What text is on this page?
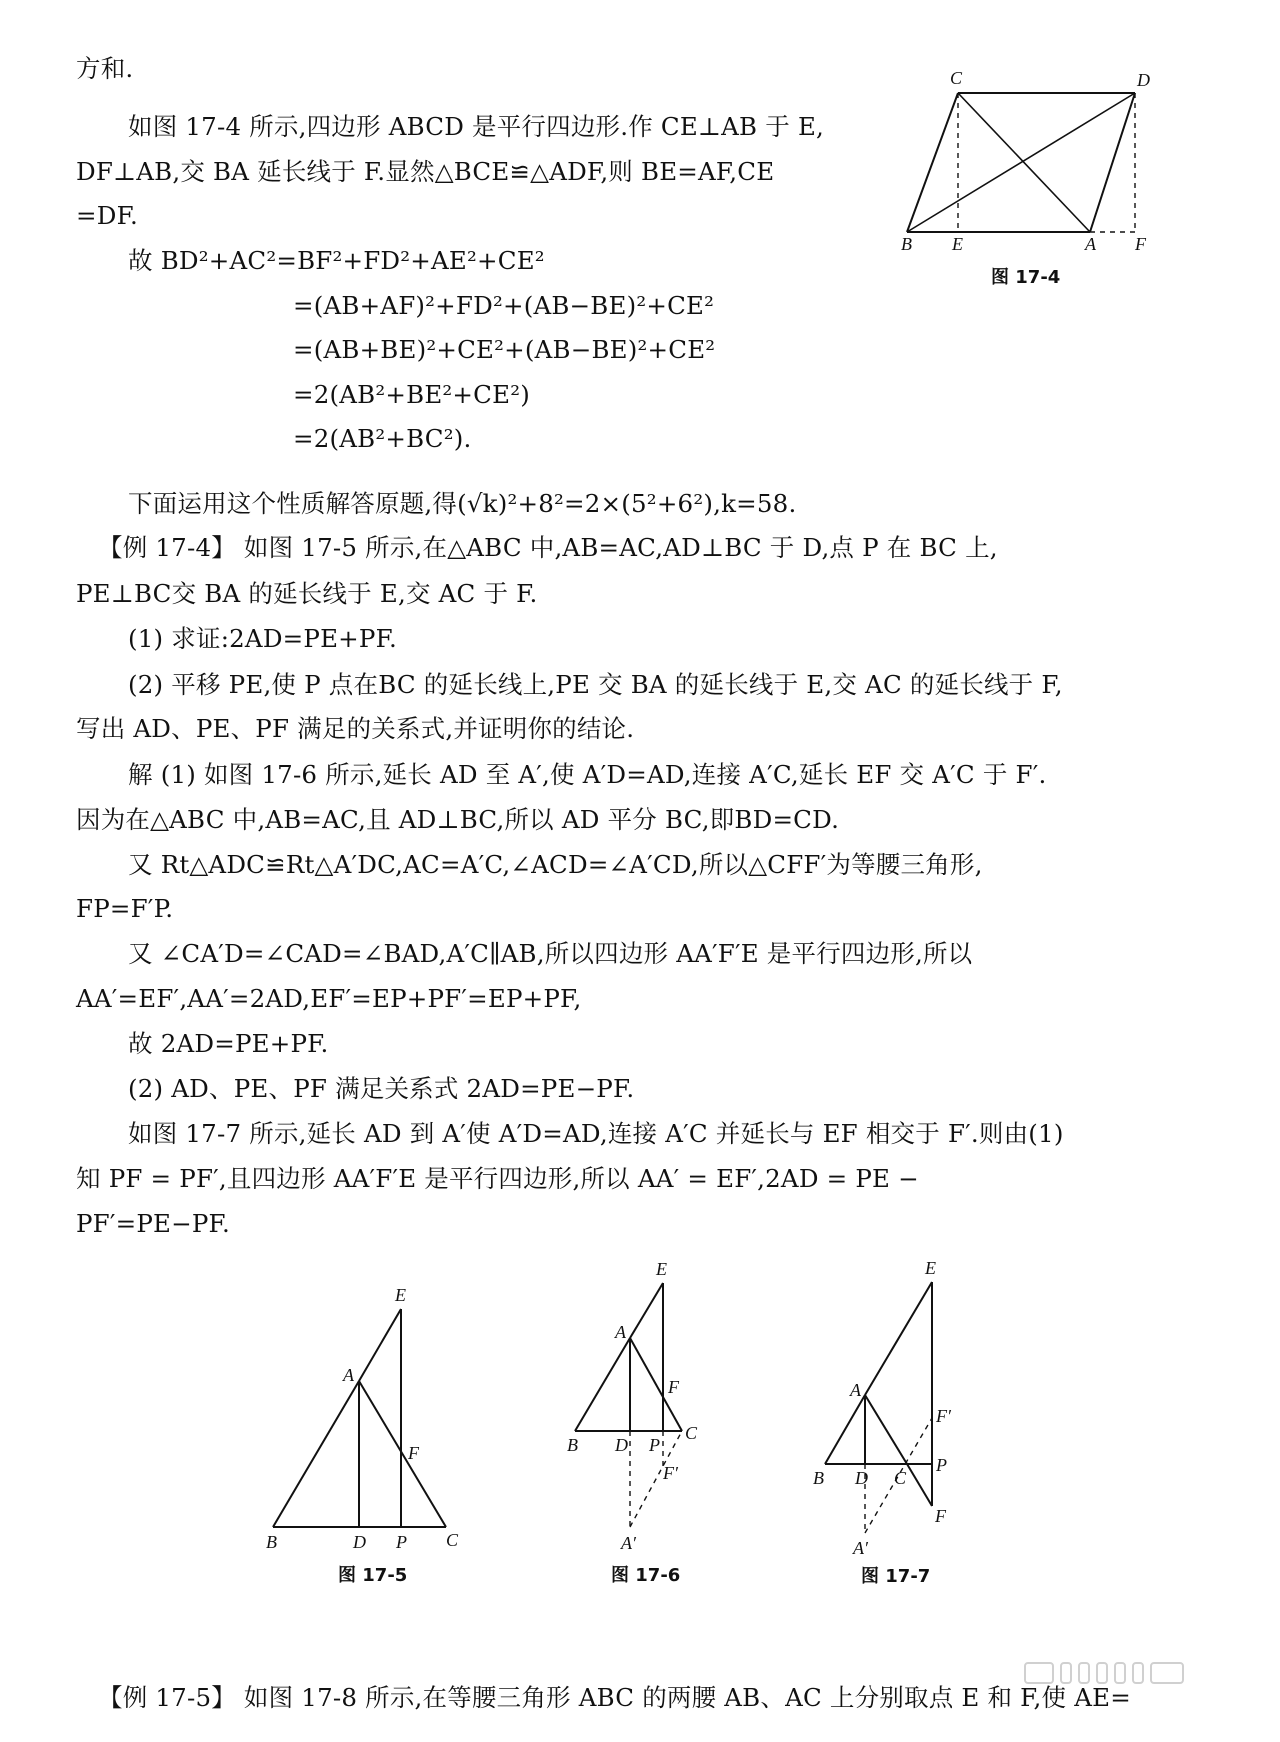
方和.
如图 17-4 所示,四边形 ABCD 是平行四边形.作 CE⊥AB 于 E,
DF⊥AB,交 BA 延长线于 F.显然△BCE≌△ADF,则 BE=AF,CE
=DF.
故 BD²+AC²=BF²+FD²+AE²+CE²
=(AB+AF)²+FD²+(AB−BE)²+CE²
=(AB+BE)²+CE²+(AB−BE)²+CE²
=2(AB²+BE²+CE²)
=2(AB²+BC²).
下面运用这个性质解答原题,得(√k)²+8²=2×(5²+6²),k=58.
【例 17-4】 如图 17-5 所示,在△ABC 中,AB=AC,AD⊥BC 于 D,点 P 在 BC 上,
PE⊥BC交 BA 的延长线于 E,交 AC 于 F.
(1) 求证:2AD=PE+PF.
(2) 平移 PE,使 P 点在BC 的延长线上,PE 交 BA 的延长线于 E,交 AC 的延长线于 F,
写出 AD、PE、PF 满足的关系式,并证明你的结论.
解 (1) 如图 17-6 所示,延长 AD 至 A′,使 A′D=AD,连接 A′C,延长 EF 交 A′C 于 F′.
因为在△ABC 中,AB=AC,且 AD⊥BC,所以 AD 平分 BC,即BD=CD.
又 Rt△ADC≌Rt△A′DC,AC=A′C,∠ACD=∠A′CD,所以△CFF′为等腰三角形,
FP=F′P.
又 ∠CA′D=∠CAD=∠BAD,A′C∥AB,所以四边形 AA′F′E 是平行四边形,所以
AA′=EF′,AA′=2AD,EF′=EP+PF′=EP+PF,
故 2AD=PE+PF.
(2) AD、PE、PF 满足关系式 2AD=PE−PF.
如图 17-7 所示,延长 AD 到 A′使 A′D=AD,连接 A′C 并延长与 EF 相交于 F′.则由(1)
知 PF = PF′,且四边形 AA′F′E 是平行四边形,所以 AA′ = EF′,2AD = PE −
PF′=PE−PF.
【例 17-5】 如图 17-8 所示,在等腰三角形 ABC 的两腰 AB、AC 上分别取点 E 和 F,使 AE=
C	D
B E	A F
图 17-4
E
A
F
B	D P C
图 17-5
E
A
F
B D P
C
F′
A′
图 17-6
E
A
F′
B D C
P
F
A′
图 17-7
